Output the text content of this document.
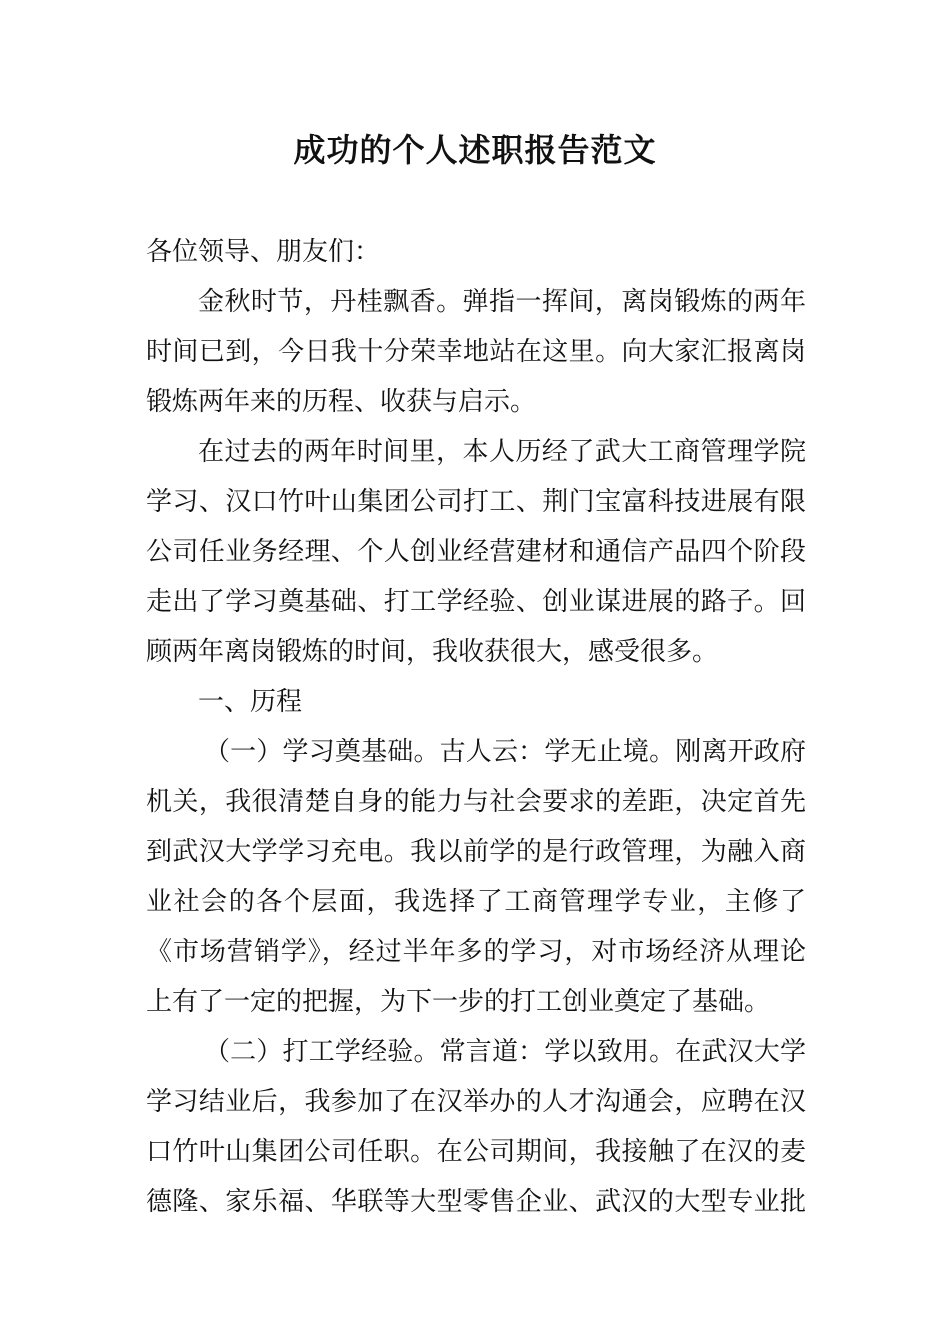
成功的个人述职报告范文
各位领导、朋友们：
金秋时节，丹桂飘香。弹指一挥间，离岗锻炼的两年
时间已到，今日我十分荣幸地站在这里。向大家汇报离岗
锻炼两年来的历程、收获与启示。
在过去的两年时间里，本人历经了武大工商管理学院
学习、汉口竹叶山集团公司打工、荆门宝富科技进展有限
公司任业务经理、个人创业经营建材和通信产品四个阶段
走出了学习奠基础、打工学经验、创业谋进展的路子。回
顾两年离岗锻炼的时间，我收获很大，感受很多。
一、历程
（一）学习奠基础。古人云：学无止境。刚离开政府
机关，我很清楚自身的能力与社会要求的差距，决定首先
到武汉大学学习充电。我以前学的是行政管理，为融入商
业社会的各个层面，我选择了工商管理学专业，主修了
《市场营销学》，经过半年多的学习，对市场经济从理论
上有了一定的把握，为下一步的打工创业奠定了基础。
（二）打工学经验。常言道：学以致用。在武汉大学
学习结业后，我参加了在汉举办的人才沟通会，应聘在汉
口竹叶山集团公司任职。在公司期间，我接触了在汉的麦
德隆、家乐福、华联等大型零售企业、武汉的大型专业批
